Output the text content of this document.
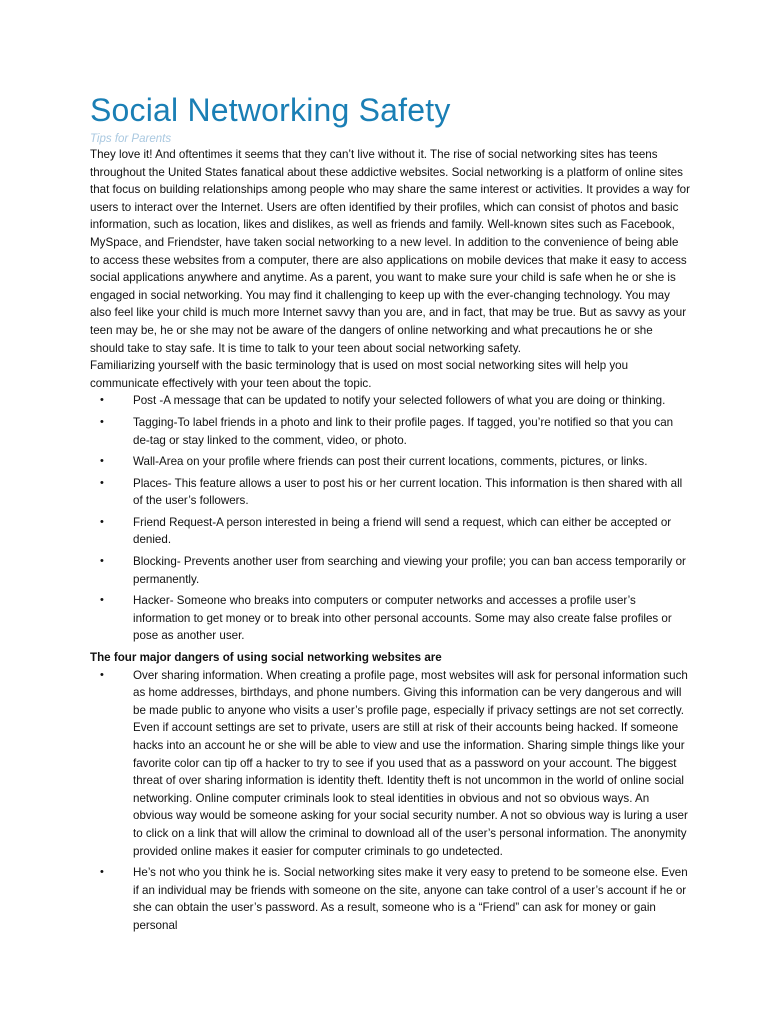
Social Networking Safety

Tips for Parents

They love it! And oftentimes it seems that they can’t live without it. The rise of social networking sites has teens throughout the United States fanatical about these addictive websites. Social networking is a platform of online sites that focus on building relationships among people who may share the same interest or activities. It provides a way for users to interact over the Internet. Users are often identified by their profiles, which can consist of photos and basic information, such as location, likes and dislikes, as well as friends and family. Well-known sites such as Facebook, MySpace, and Friendster, have taken social networking to a new level. In addition to the convenience of being able to access these websites from a computer, there are also applications on mobile devices that make it easy to access social applications anywhere and anytime. As a parent, you want to make sure your child is safe when he or she is engaged in social networking. You may find it challenging to keep up with the ever-changing technology. You may also feel like your child is much more Internet savvy than you are, and in fact, that may be true. But as savvy as your teen may be, he or she may not be aware of the dangers of online networking and what precautions he or she should take to stay safe. It is time to talk to your teen about social networking safety.

Familiarizing yourself with the basic terminology that is used on most social networking sites will help you communicate effectively with your teen about the topic.

•	Post -A message that can be updated to notify your selected followers of what you are doing or thinking.
•	Tagging-To label friends in a photo and link to their profile pages. If tagged, you’re notified so that you can de-tag or stay linked to the comment, video, or photo.
•	Wall-Area on your profile where friends can post their current locations, comments, pictures, or links.
•	Places- This feature allows a user to post his or her current location. This information is then shared with all of the user’s followers.
•	Friend Request-A person interested in being a friend will send a request, which can either be accepted or denied.
•	Blocking- Prevents another user from searching and viewing your profile; you can ban access temporarily or permanently.
•	Hacker- Someone who breaks into computers or computer networks and accesses a profile user’s information to get money or to break into other personal accounts. Some may also create false profiles or pose as another user.

The four major dangers of using social networking websites are

•	Over sharing information. When creating a profile page, most websites will ask for personal information such as home addresses, birthdays, and phone numbers. Giving this information can be very dangerous and will be made public to anyone who visits a user’s profile page, especially if privacy settings are not set correctly. Even if account settings are set to private, users are still at risk of their accounts being hacked. If someone hacks into an account he or she will be able to view and use the information. Sharing simple things like your favorite color can tip off a hacker to try to see if you used that as a password on your account. The biggest threat of over sharing information is identity theft. Identity theft is not uncommon in the world of online social networking. Online computer criminals look to steal identities in obvious and not so obvious ways. An obvious way would be someone asking for your social security number. A not so obvious way is luring a user to click on a link that will allow the criminal to download all of the user’s personal information. The anonymity provided online makes it easier for computer criminals to go undetected.
•	He’s not who you think he is. Social networking sites make it very easy to pretend to be someone else. Even if an individual may be friends with someone on the site, anyone can take control of a user’s account if he or she can obtain the user’s password. As a result, someone who is a “Friend” can ask for money or gain personal
